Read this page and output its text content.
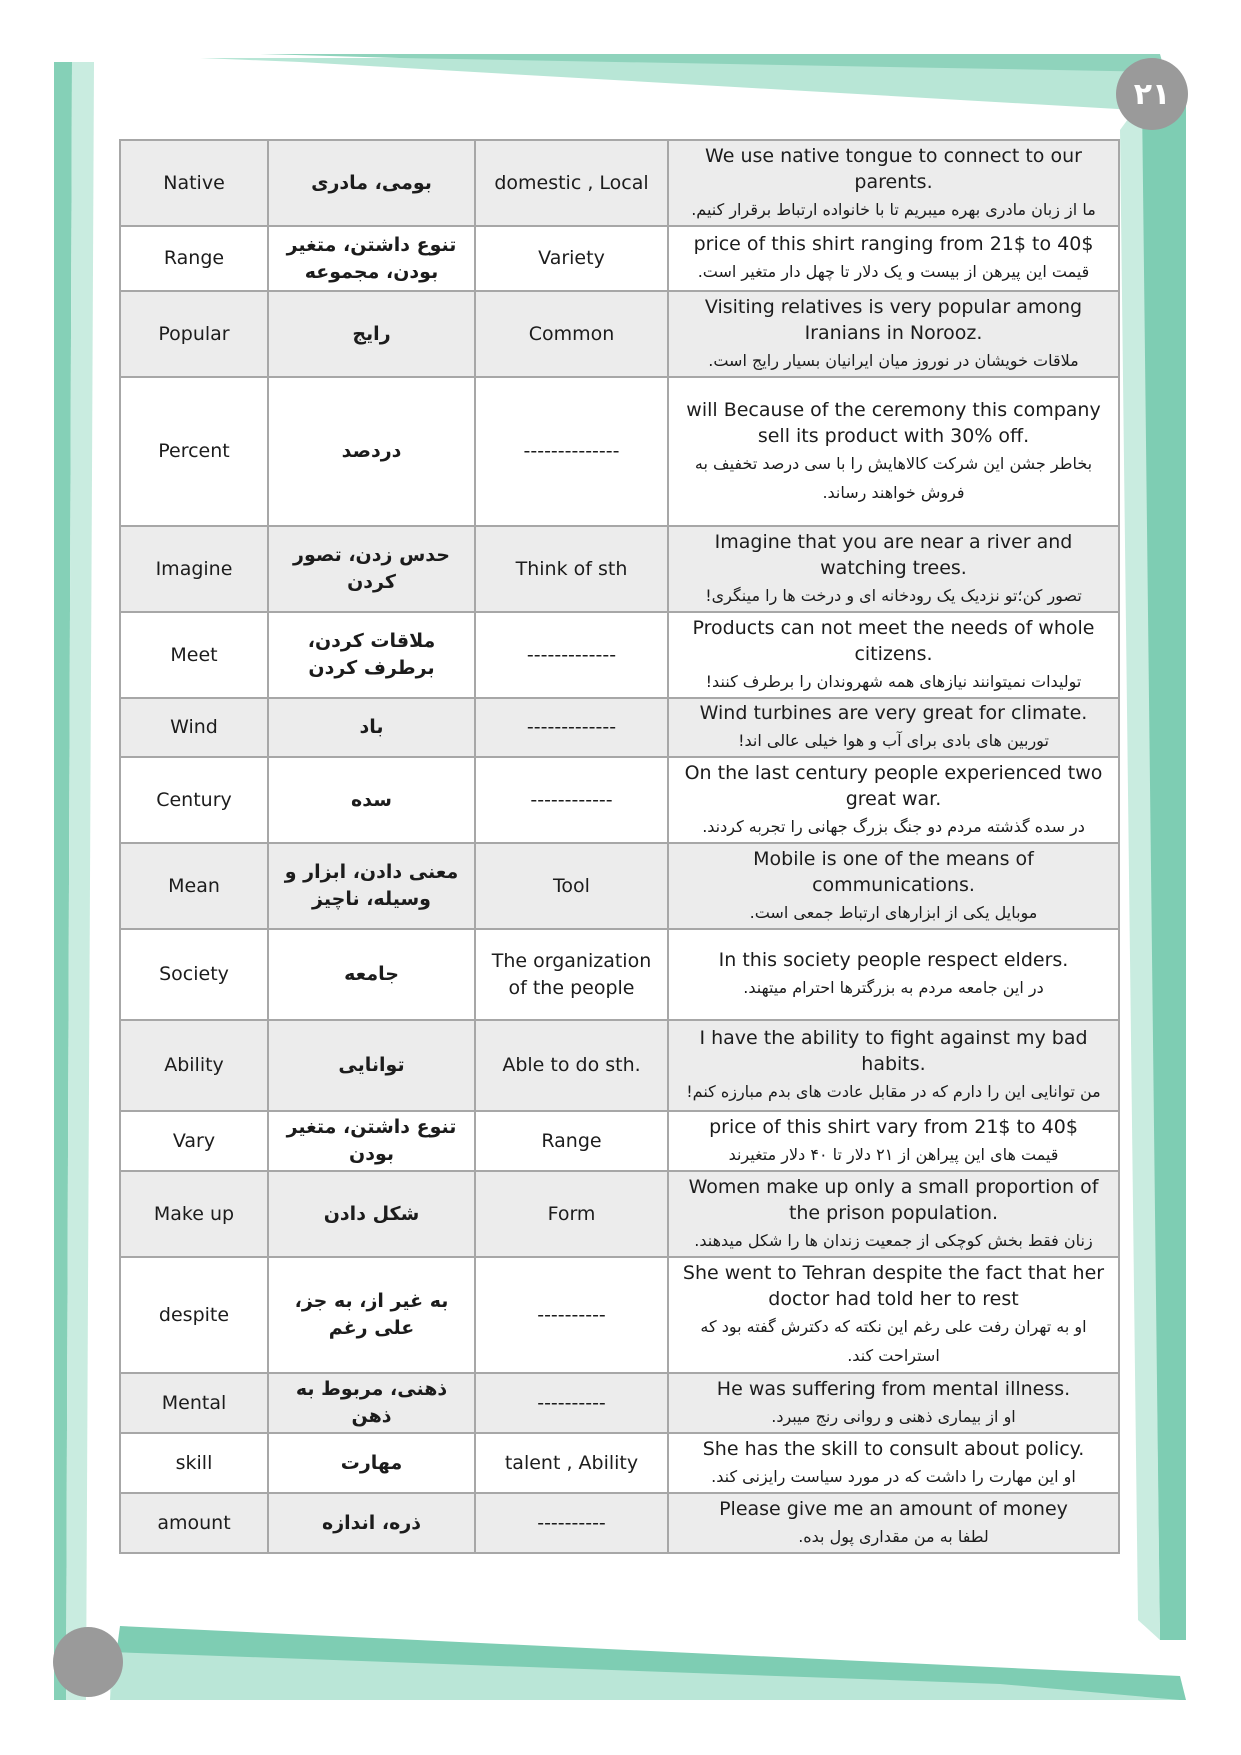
۲۱
Native	بومی، مادری	domestic , Local	We use native tongue to connect to our parents.
ما از زبان مادری بهره میبریم تا با خانواده ارتباط برقرار کنیم.

Range	تنوع داشتن، متغیر بودن، مجموعه	Variety	price of this shirt ranging from 21$ to 40$
قیمت این پیرهن از بیست و یک دلار تا چهل دار متغیر است.

Popular	رایج	Common	Visiting relatives is very popular among Iranians in Norooz.
ملاقات خویشان در نوروز میان ایرانیان بسیار رایج است.

Percent	دردصد	--------------	will Because of the ceremony this company sell its product with 30% off.
بخاطر جشن این شرکت کالاهایش را با سی درصد تخفیف به فروش خواهند رساند.

Imagine	حدس زدن، تصور کردن	Think of sth	Imagine that you are near a river and watching trees.
تصور کن؛تو نزدیک یک رودخانه ای و درخت ها را مینگری!

Meet	ملاقات کردن، برطرف کردن	-------------	Products can not meet the needs of whole citizens.
تولیدات نمیتوانند نیازهای همه شهروندان را برطرف کنند!

Wind	باد	-------------	Wind turbines are very great for climate.
توربین های بادی برای آب و هوا خیلی عالی اند!

Century	سده	------------	On the last century people experienced two great war.
در سده گذشته مردم دو جنگ بزرگ جهانی را تجربه کردند.

Mean	معنی دادن، ابزار و وسیله، ناچیز	Tool	Mobile is one of the means of communications.
موبایل یکی از ابزارهای ارتباط جمعی است.

Society	جامعه	The organization of the people	In this society people respect elders.
در این جامعه مردم به بزرگترها احترام میتهند.

Ability	توانایی	Able to do sth.	I have the ability to fight against my bad habits.
من توانایی این را دارم که در مقابل عادت های بدم مبارزه کنم!

Vary	تنوع داشتن، متغیر بودن	Range	price of this shirt vary from 21$ to 40$
قیمت های این پیراهن از ۲۱ دلار تا ۴۰ دلار متغیرند

Make up	شکل دادن	Form	Women make up only a small proportion of the prison population.
زنان فقط بخش کوچکی از جمعیت زندان ها را شکل میدهند.

despite	به غیر از، به جز، علی رغم	----------	She went to Tehran despite the fact that her doctor had told her to rest
او به تهران رفت علی رغم این نکته که دکترش گفته بود که استراحت کند.

Mental	ذهنی، مربوط به ذهن	----------	He was suffering from mental illness.
او از بیماری ذهنی و روانی رنج میبرد.

skill	مهارت	talent , Ability	She has the skill to consult about policy.
او این مهارت را داشت که در مورد سیاست رایزنی کند.

amount	ذره، اندازه	----------	Please give me an amount of money
لطفا به من مقداری پول بده.
